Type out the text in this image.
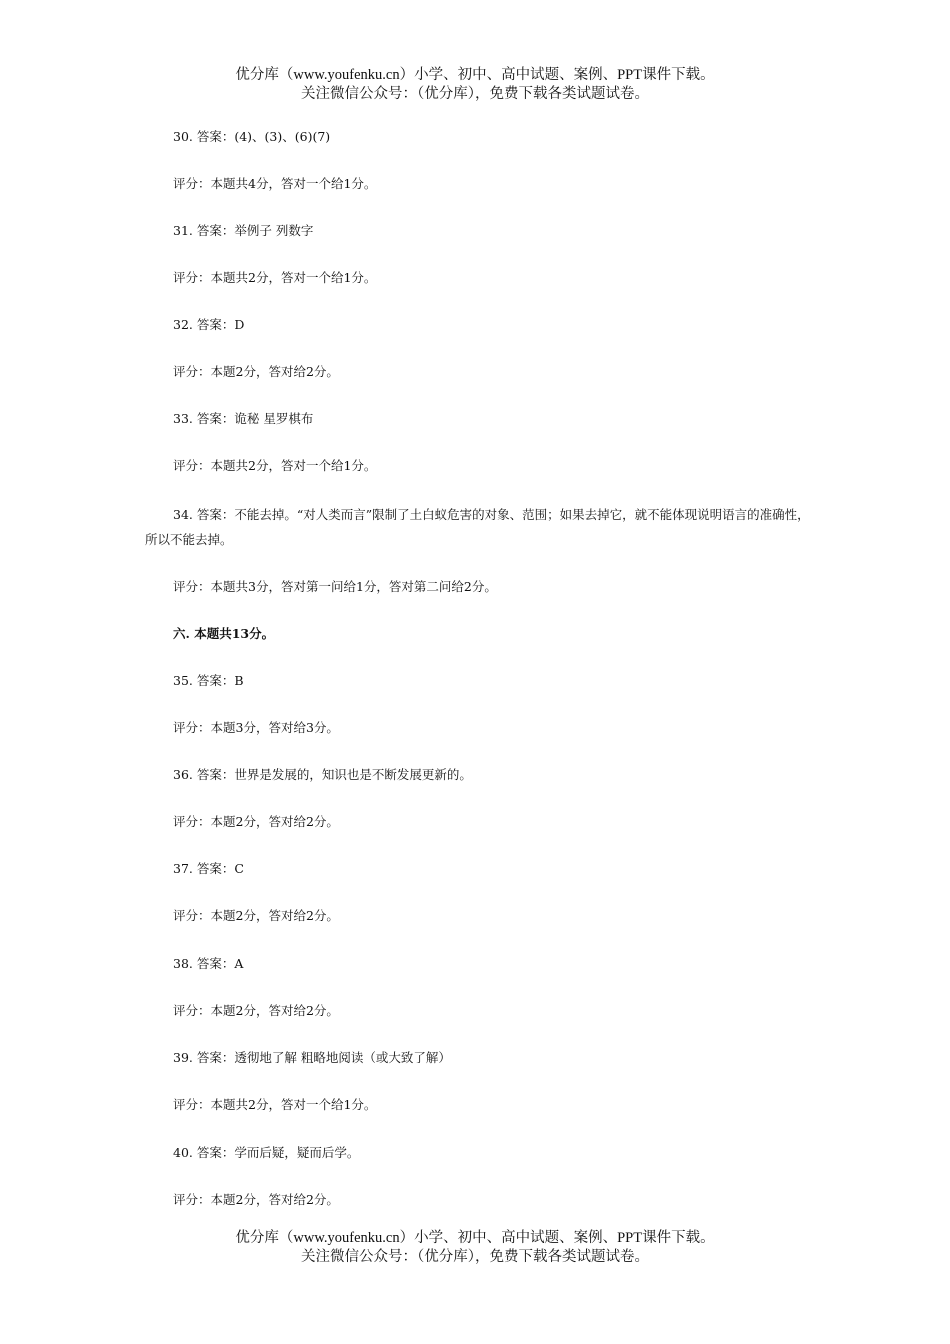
优分库（www.youfenku.cn）小学、初中、高中试题、案例、PPT课件下载。
关注微信公众号：（优分库），免费下载各类试题试卷。
30. 答案：(4)、(3)、(6)(7)
评分：本题共4分，答对一个给1分。
31. 答案：举例子 列数字
评分：本题共2分，答对一个给1分。
32. 答案：D
评分：本题2分，答对给2分。
33. 答案：诡秘 星罗棋布
评分：本题共2分，答对一个给1分。
34. 答案：不能去掉。“对人类而言”限制了土白蚁危害的对象、范围；如果去掉它，就不能体现说明语言的准确性，所以不能去掉。
评分：本题共3分，答对第一问给1分，答对第二问给2分。
六. 本题共13分。
35. 答案：B
评分：本题3分，答对给3分。
36. 答案：世界是发展的，知识也是不断发展更新的。
评分：本题2分，答对给2分。
37. 答案：C
评分：本题2分，答对给2分。
38. 答案：A
评分：本题2分，答对给2分。
39. 答案：透彻地了解 粗略地阅读（或大致了解）
评分：本题共2分，答对一个给1分。
40. 答案：学而后疑，疑而后学。
评分：本题2分，答对给2分。
优分库（www.youfenku.cn）小学、初中、高中试题、案例、PPT课件下载。
关注微信公众号：（优分库），免费下载各类试题试卷。
